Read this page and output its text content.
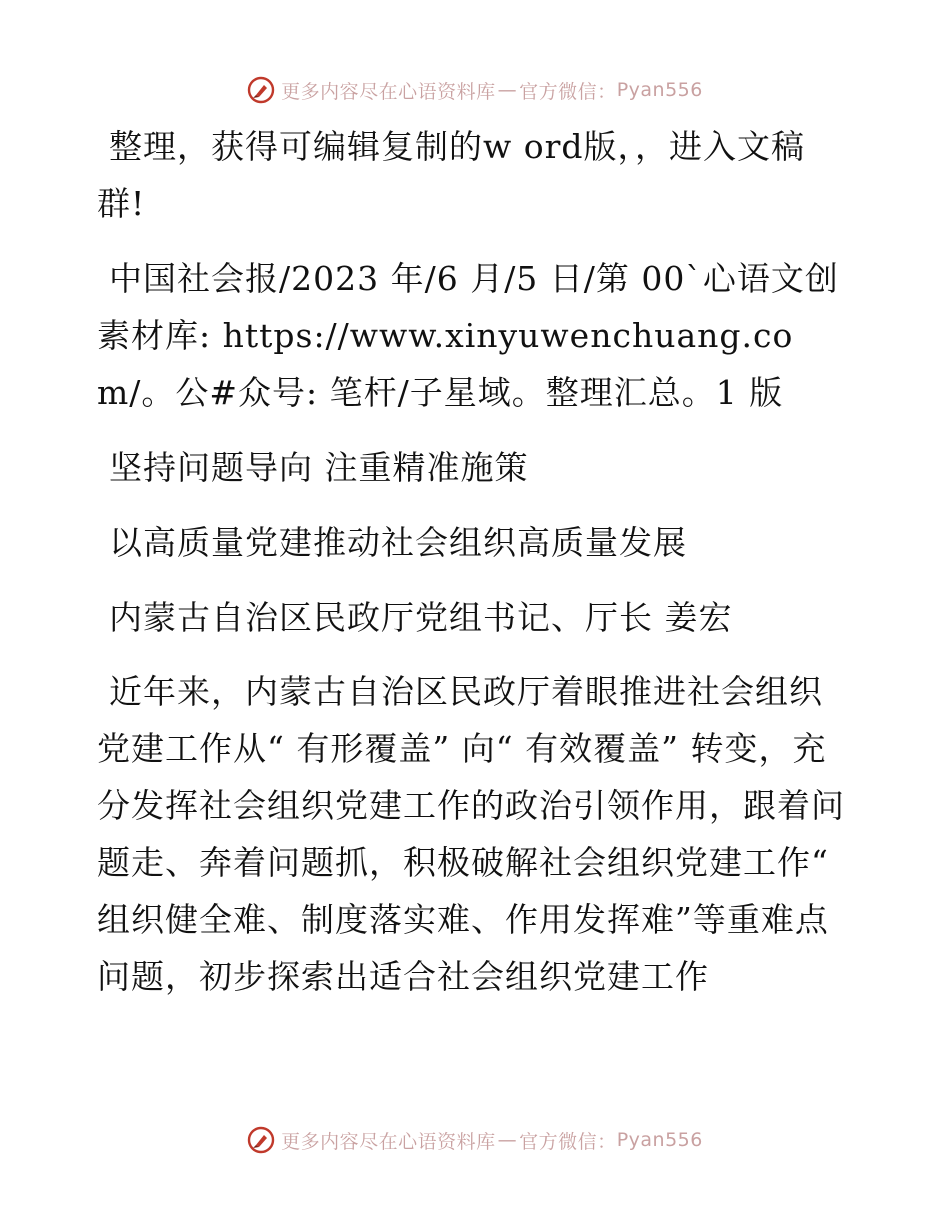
更多内容尽在心语资料库 — 官方微信： Pyan556

整理，获得可编辑复制的w ord版，，进入文稿群!

中国社会报/2023 年/6 月/5 日/第 00`心语文创素材库: https://www.xinyuwenchuang.com/。公#众号: 笔杆/子星域。整理汇总。1 版

坚持问题导向 注重精准施策

以高质量党建推动社会组织高质量发展

内蒙古自治区民政厅党组书记、厅长 姜宏

近年来，内蒙古自治区民政厅着眼推进社会组织党建工作从“ 有形覆盖” 向“ 有效覆盖” 转变，充分发挥社会组织党建工作的政治引领作用，跟着问题走、奔着问题抓，积极破解社会组织党建工作“ 组织健全难、制度落实难、作用发挥难”等重难点问题，初步探索出适合社会组织党建工作

更多内容尽在心语资料库 — 官方微信： Pyan556
